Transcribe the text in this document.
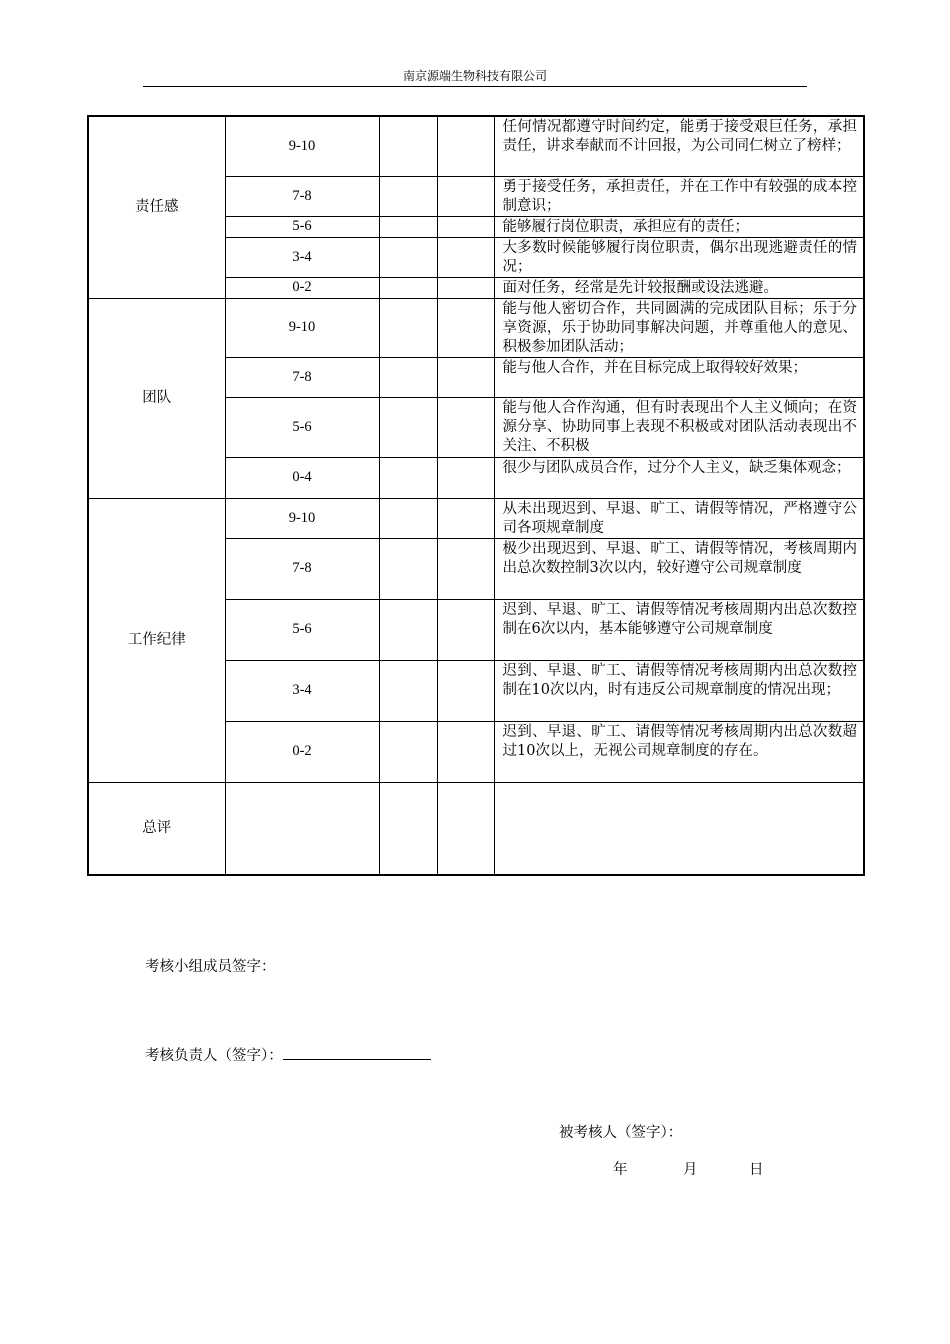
南京源端生物科技有限公司
责任感	9-10			任何情况都遵守时间约定，能勇于接受艰巨任务，承担责任，讲求奉献而不计回报，为公司同仁树立了榜样；

	7-8			勇于接受任务，承担责任，并在工作中有较强的成本控制意识；

	5-6			能够履行岗位职责，承担应有的责任；

	3-4			大多数时候能够履行岗位职责，偶尔出现逃避责任的情况；

	0-2			面对任务，经常是先计较报酬或设法逃避。

团队	9-10			能与他人密切合作，共同圆满的完成团队目标；乐于分享资源，乐于协助同事解决问题，并尊重他人的意见、积极参加团队活动；

	7-8			能与他人合作，并在目标完成上取得较好效果；

	5-6			能与他人合作沟通，但有时表现出个人主义倾向；在资源分享、协助同事上表现不积极或对团队活动表现出不关注、不积极

	0-4			很少与团队成员合作，过分个人主义，缺乏集体观念；

工作纪律	9-10			从未出现迟到、早退、旷工、请假等情况，严格遵守公司各项规章制度

	7-8			极少出现迟到、早退、旷工、请假等情况，考核周期内出总次数控制3次以内，较好遵守公司规章制度

	5-6			迟到、早退、旷工、请假等情况考核周期内出总次数控制在6次以内，基本能够遵守公司规章制度

	3-4			迟到、早退、旷工、请假等情况考核周期内出总次数控制在10次以内，时有违反公司规章制度的情况出现；

	0-2			迟到、早退、旷工、请假等情况考核周期内出总次数超过10次以上，无视公司规章制度的存在。

总评				
考核小组成员签字：
考核负责人（签字）：
被考核人（签字）：
年	月	日
